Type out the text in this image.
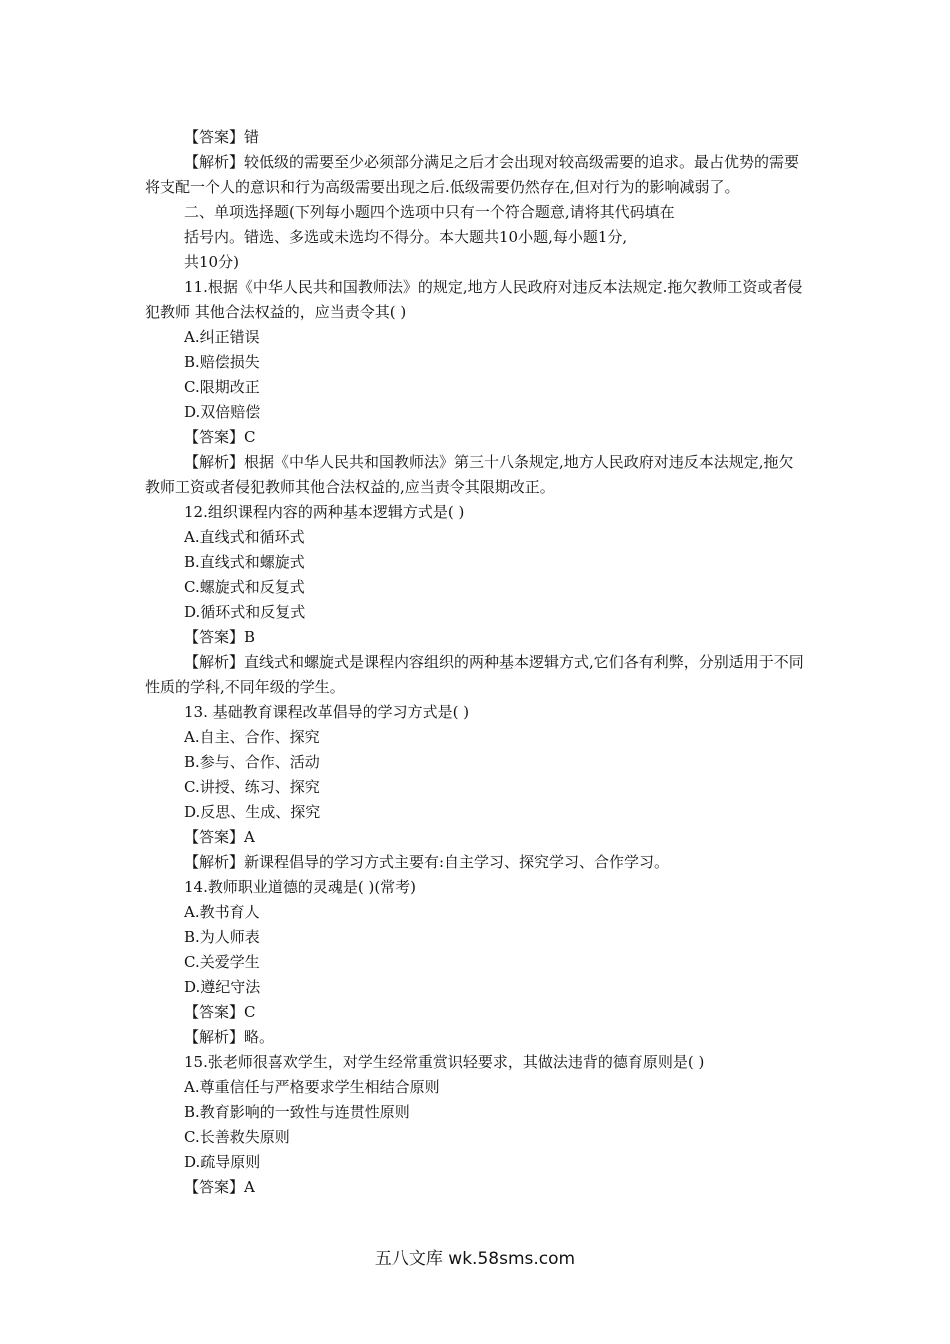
【答案】错

【解析】较低级的需要至少必须部分满足之后才会出现对较高级需要的追求。最占优势的需要将支配一个人的意识和行为高级需要出现之后.低级需要仍然存在,但对行为的影响减弱了。

二、单项选择题(下列每小题四个选项中只有一个符合题意,请将其代码填在

括号内。错选、多选或未选均不得分。本大题共10小题,每小题1分,

共10分)

11.根据《中华人民共和国教师法》的规定,地方人民政府对违反本法规定.拖欠教师工资或者侵犯教师 其他合法权益的，应当责令其( )

A.纠正错误

B.赔偿损失

C.限期改正

D.双倍赔偿

【答案】C

【解析】根据《中华人民共和国教师法》第三十八条规定,地方人民政府对违反本法规定,拖欠教师工资或者侵犯教师其他合法权益的,应当责令其限期改正。

12.组织课程内容的两种基本逻辑方式是( )

A.直线式和循环式

B.直线式和螺旋式

C.螺旋式和反复式

D.循环式和反复式

【答案】B

【解析】直线式和螺旋式是课程内容组织的两种基本逻辑方式,它们各有利弊，分别适用于不同性质的学科,不同年级的学生。

13. 基础教育课程改革倡导的学习方式是( )

A.自主、合作、探究

B.参与、合作、活动

C.讲授、练习、探究

D.反思、生成、探究

【答案】A

【解析】新课程倡导的学习方式主要有:自主学习、探究学习、合作学习。

14.教师职业道德的灵魂是( )(常考)

A.教书育人

B.为人师表

C.关爱学生

D.遵纪守法

【答案】C

【解析】略。

15.张老师很喜欢学生，对学生经常重赏识轻要求，其做法违背的德育原则是( )

A.尊重信任与严格要求学生相结合原则

B.教育影响的一致性与连贯性原则

C.长善救失原则

D.疏导原则

【答案】A

五八文库 wk.58sms.com
